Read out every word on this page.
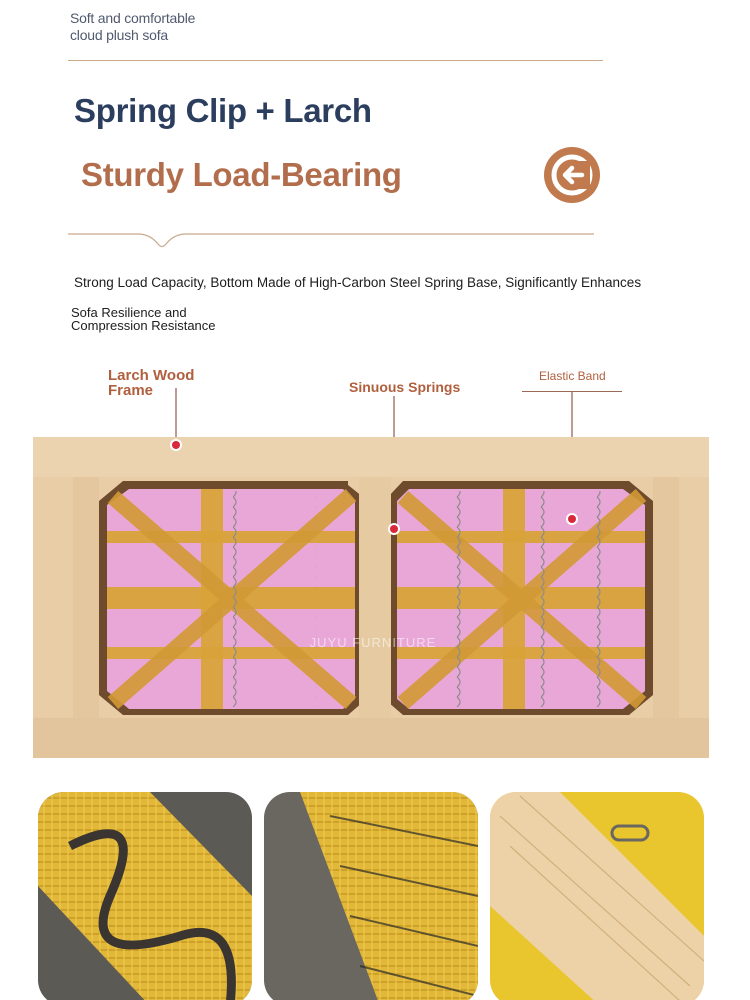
Soft and comfortable
cloud plush sofa
Spring Clip + Larch
Sturdy Load-Bearing
Strong Load Capacity, Bottom Made of High-Carbon Steel Spring Base, Significantly Enhances
Sofa Resilience and
Compression Resistance
Larch Wood
Frame	Sinuous Springs
Elastic Band
JUYU FURNITURE
